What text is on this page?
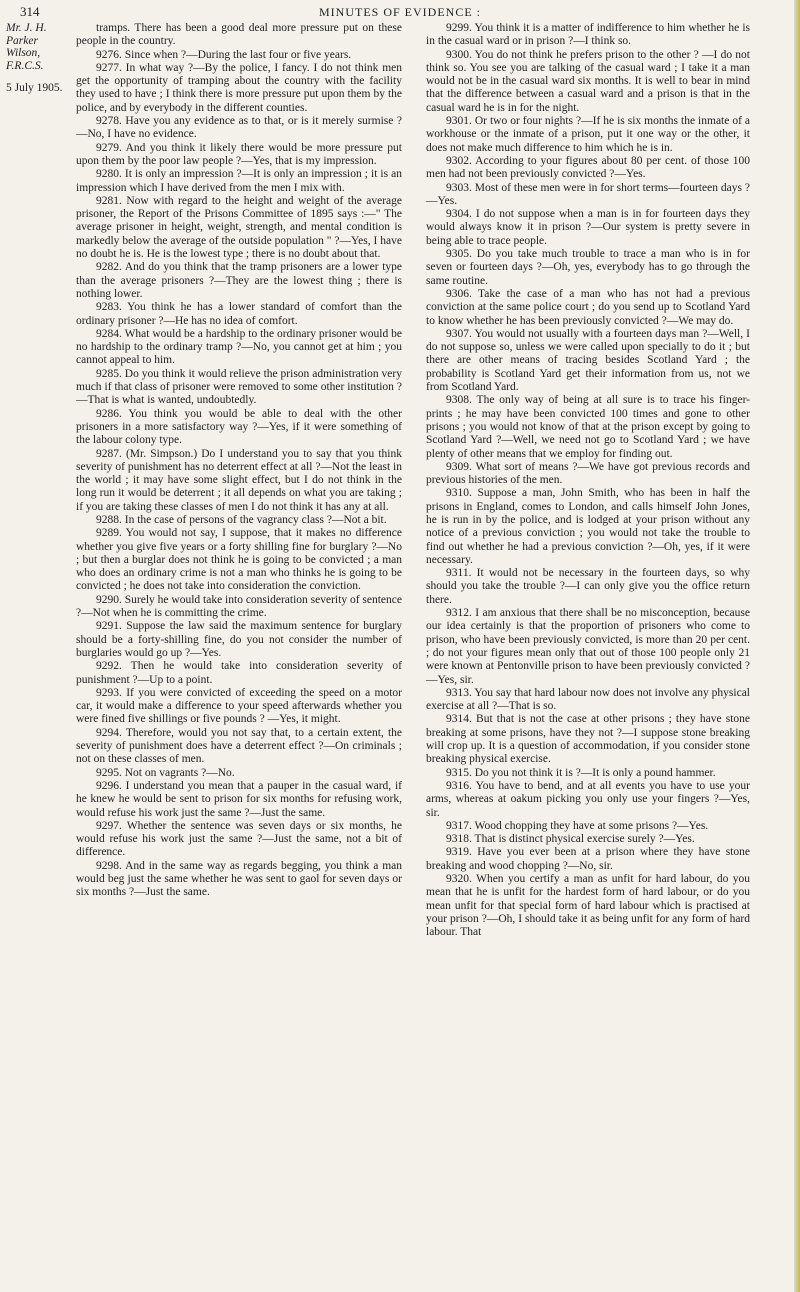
314	MINUTES OF EVIDENCE :
Mr. J. H. Parker Wilson, F.R.C.S.
5 July 1905.

tramps. There has been a good deal more pressure put on these people in the country.

9276. Since when ?—During the last four or five years.

9277. In what way ?—By the police, I fancy. I do not think men get the opportunity of tramping about the country with the facility they used to have ; I think there is more pressure put upon them by the police, and by everybody in the different counties.

9278. Have you any evidence as to that, or is it merely surmise ?—No, I have no evidence.

9279. And you think it likely there would be more pressure put upon them by the poor law people ?—Yes, that is my impression.

9280. It is only an impression ?—It is only an impression ; it is an impression which I have derived from the men I mix with.

9281. Now with regard to the height and weight of the average prisoner, the Report of the Prisons Committee of 1895 says :—" The average prisoner in height, weight, strength, and mental condition is markedly below the average of the outside population " ?—Yes, I have no doubt he is. He is the lowest type ; there is no doubt about that.

9282. And do you think that the tramp prisoners are a lower type than the average prisoners ?—They are the lowest thing ; there is nothing lower.

9283. You think he has a lower standard of comfort than the ordinary prisoner ?—He has no idea of comfort.

9284. What would be a hardship to the ordinary prisoner would be no hardship to the ordinary tramp ?—No, you cannot get at him ; you cannot appeal to him.

9285. Do you think it would relieve the prison administration very much if that class of prisoner were removed to some other institution ?—That is what is wanted, undoubtedly.

9286. You think you would be able to deal with the other prisoners in a more satisfactory way ?—Yes, if it were something of the labour colony type.

9287. (Mr. Simpson.) Do I understand you to say that you think severity of punishment has no deterrent effect at all ?—Not the least in the world ; it may have some slight effect, but I do not think in the long run it would be deterrent ; it all depends on what you are taking ; if you are taking these classes of men I do not think it has any at all.

9288. In the case of persons of the vagrancy class ?—Not a bit.

9289. You would not say, I suppose, that it makes no difference whether you give five years or a forty shilling fine for burglary ?—No ; but then a burglar does not think he is going to be convicted ; a man who does an ordinary crime is not a man who thinks he is going to be convicted ; he does not take into consideration the conviction.

9290. Surely he would take into consideration severity of sentence ?—Not when he is committing the crime.

9291. Suppose the law said the maximum sentence for burglary should be a forty-shilling fine, do you not consider the number of burglaries would go up ?—Yes.

9292. Then he would take into consideration severity of punishment ?—Up to a point.

9293. If you were convicted of exceeding the speed on a motor car, it would make a difference to your speed afterwards whether you were fined five shillings or five pounds ? —Yes, it might.

9294. Therefore, would you not say that, to a certain extent, the severity of punishment does have a deterrent effect ?—On criminals ; not on these classes of men.

9295. Not on vagrants ?—No.

9296. I understand you mean that a pauper in the casual ward, if he knew he would be sent to prison for six months for refusing work, would refuse his work just the same ?—Just the same.

9297. Whether the sentence was seven days or six months, he would refuse his work just the same ?—Just the same, not a bit of difference.

9298. And in the same way as regards begging, you think a man would beg just the same whether he was sent to gaol for seven days or six months ?—Just the same.

9299. You think it is a matter of indifference to him whether he is in the casual ward or in prison ?—I think so.

9300. You do not think he prefers prison to the other ? —I do not think so. You see you are talking of the casual ward ; I take it a man would not be in the casual ward six months. It is well to bear in mind that the difference between a casual ward and a prison is that in the casual ward he is in for the night.

9301. Or two or four nights ?—If he is six months the inmate of a workhouse or the inmate of a prison, put it one way or the other, it does not make much difference to him which he is in.

9302. According to your figures about 80 per cent. of those 100 men had not been previously convicted ?—Yes.

9303. Most of these men were in for short terms—fourteen days ?—Yes.

9304. I do not suppose when a man is in for fourteen days they would always know it in prison ?—Our system is pretty severe in being able to trace people.

9305. Do you take much trouble to trace a man who is in for seven or fourteen days ?—Oh, yes, everybody has to go through the same routine.

9306. Take the case of a man who has not had a previous conviction at the same police court ; do you send up to Scotland Yard to know whether he has been previously convicted ?—We may do.

9307. You would not usually with a fourteen days man ?—Well, I do not suppose so, unless we were called upon specially to do it ; but there are other means of tracing besides Scotland Yard ; the probability is Scotland Yard get their information from us, not we from Scotland Yard.

9308. The only way of being at all sure is to trace his finger-prints ; he may have been convicted 100 times and gone to other prisons ; you would not know of that at the prison except by going to Scotland Yard ?—Well, we need not go to Scotland Yard ; we have plenty of other means that we employ for finding out.

9309. What sort of means ?—We have got previous records and previous histories of the men.

9310. Suppose a man, John Smith, who has been in half the prisons in England, comes to London, and calls himself John Jones, he is run in by the police, and is lodged at your prison without any notice of a previous conviction ; you would not take the trouble to find out whether he had a previous conviction ?—Oh, yes, if it were necessary.

9311. It would not be necessary in the fourteen days, so why should you take the trouble ?—I can only give you the office return there.

9312. I am anxious that there shall be no misconception, because our idea certainly is that the proportion of prisoners who come to prison, who have been previously convicted, is more than 20 per cent. ; do not your figures mean only that out of those 100 people only 21 were known at Pentonville prison to have been previously convicted ?—Yes, sir.

9313. You say that hard labour now does not involve any physical exercise at all ?—That is so.

9314. But that is not the case at other prisons ; they have stone breaking at some prisons, have they not ?—I suppose stone breaking will crop up. It is a question of accommodation, if you consider stone breaking physical exercise.

9315. Do you not think it is ?—It is only a pound hammer.

9316. You have to bend, and at all events you have to use your arms, whereas at oakum picking you only use your fingers ?—Yes, sir.

9317. Wood chopping they have at some prisons ?—Yes.

9318. That is distinct physical exercise surely ?—Yes.

9319. Have you ever been at a prison where they have stone breaking and wood chopping ?—No, sir.

9320. When you certify a man as unfit for hard labour, do you mean that he is unfit for the hardest form of hard labour, or do you mean unfit for that special form of hard labour which is practised at your prison ?—Oh, I should take it as being unfit for any form of hard labour. That
